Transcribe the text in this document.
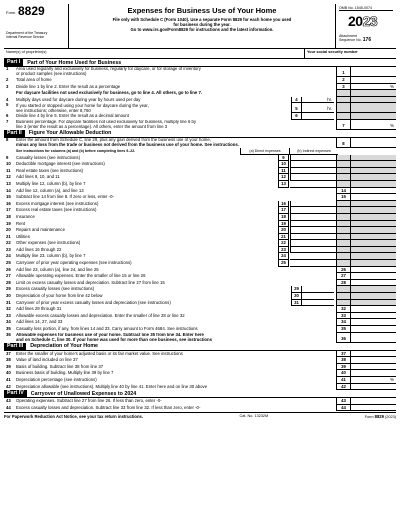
Form 8829
Department of the Treasury
Internal Revenue Service
Expenses for Business Use of Your Home
File only with Schedule C (Form 1040). Use a separate Form 8829 for each home you used
for business during the year.
Go to www.irs.gov/Form8829 for instructions and the latest information.
OMB No. 1545-0074
2023
Attachment
Sequence No. 176
Name(s) of proprietor(s)	Your social security number
Part I	Part of Your Home Used for Business
1	Area used regularly and exclusively for business, regularly for daycare, or for storage of inventory
or product samples (see instructions)	1
2	Total area of home	2
3	Divide line 1 by line 2. Enter the result as a percentage	3	%
For daycare facilities not used exclusively for business, go to line 4. All others, go to line 7.
4	Multiply days used for daycare during year by hours used per day	4	hr.
5	If you started or stopped using your home for daycare during the year,
see instructions; otherwise, enter 8,760	5	hr.
6	Divide line 4 by line 5. Enter the result as a decimal amount	6
7	Business percentage. For daycare facilities not used exclusively for business, multiply line 6 by
line 3 (enter the result as a percentage). All others, enter the amount from line 3	7	%
Part II	Figure Your Allowable Deduction
8	Enter the amount from Schedule C, line 29, plus any gain derived from the business use of your home,
minus any loss from the trade or business not derived from the business use of your home. See instructions.	8
See instructions for columns (a) and (b) before completing lines 9–22.	(a) Direct expenses	(b) Indirect expenses
9	Casualty losses (see instructions)	9
10	Deductible mortgage interest (see instructions)	10
11	Real estate taxes (see instructions)	11
12	Add lines 9, 10, and 11	12
13	Multiply line 12, column (b), by line 7	13
14	Add line 12, column (a), and line 13	14
15	Subtract line 14 from line 8. If zero or less, enter -0-	15
16	Excess mortgage interest (see instructions)	16
17	Excess real estate taxes (see instructions)	17
18	Insurance	18
19	Rent	19
20	Repairs and maintenance	20
21	Utilities	21
22	Other expenses (see instructions)	22
23	Add lines 16 through 22	23
24	Multiply line 23, column (b), by line 7	24
25	Carryover of prior year operating expenses (see instructions)	25
26	Add line 23, column (a), line 24, and line 25	26
27	Allowable operating expenses. Enter the smaller of line 15 or line 26	27
28	Limit on excess casualty losses and depreciation. Subtract line 27 from line 15	28
29	Excess casualty losses (see instructions)	29
30	Depreciation of your home from line 42 below	30
31	Carryover of prior year excess casualty losses and depreciation (see instructions)	31
32	Add lines 29 through 31	32
33	Allowable excess casualty losses and depreciation. Enter the smaller of line 28 or line 32	33
34	Add lines 14, 27, and 33	34
35	Casualty loss portion, if any, from lines 14 and 33. Carry amount to Form 4684. See instructions	35
36	Allowable expenses for business use of your home. Subtract line 35 from line 34. Enter here
and on Schedule C, line 30. If your home was used for more than one business, see instructions	36
Part III	Depreciation of Your Home
37	Enter the smaller of your home's adjusted basis or its fair market value. See instructions	37
38	Value of land included on line 37	38
39	Basis of building. Subtract line 38 from line 37	39
40	Business basis of building. Multiply line 39 by line 7	40
41	Depreciation percentage (see instructions)	41	%
42	Depreciation allowable (see instructions). Multiply line 40 by line 41. Enter here and on line 30 above	42
Part IV	Carryover of Unallowed Expenses to 2024
43	Operating expenses. Subtract line 27 from line 26. If less than zero, enter -0-	43
44	Excess casualty losses and depreciation. Subtract line 33 from line 32. If less than zero, enter -0-	44
For Paperwork Reduction Act Notice, see your tax return instructions.	Cat. No. 13232M	Form 8829 (2023)
